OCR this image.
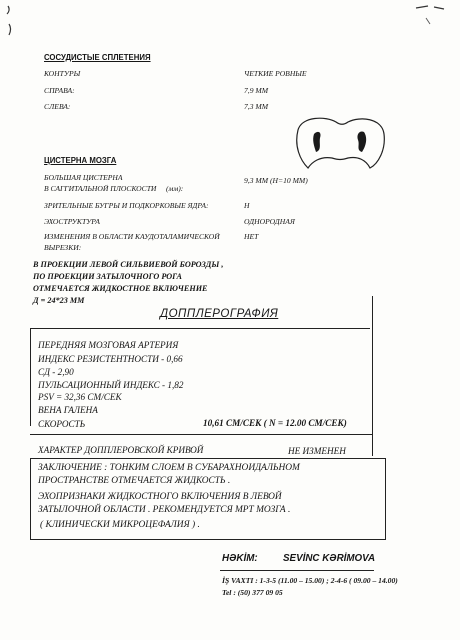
СОСУДИСТЫЕ СПЛЕТЕНИЯ
КОНТУРЫ	ЧЕТКИЕ РОВНЫЕ
СПРАВА:	7,9 ММ
СЛЕВА:	7,3 ММ
ЦИСТЕРНА МОЗГА
БОЛЬШАЯ ЦИСТЕРНА
В САГГИТАЛЬНОЙ ПЛОСКОСТИ (мм):
9,3 ММ (Н=10 ММ)
ЗРИТЕЛЬНЫЕ БУГРЫ И ПОДКОРКОВЫЕ ЯДРА:	Н
ЭХОСТРУКТУРА	ОДНОРОДНАЯ
ИЗМЕНЕНИЯ В ОБЛАСТИ КАУДОТАЛАМИЧЕСКОЙ
ВЫРЕЗКИ:
НЕТ
В ПРОЕКЦИИ ЛЕВОЙ СИЛЬВИЕВОЙ БОРОЗДЫ ,
ПО ПРОЕКЦИИ ЗАТЫЛОЧНОГО РОГА
ОТМЕЧАЕТСЯ ЖИДКОСТНОЕ ВКЛЮЧЕНИЕ
Д = 24*23 ММ
ДОППЛЕРОГРАФИЯ
ПЕРЕДНЯЯ МОЗГОВАЯ АРТЕРИЯ
ИНДЕКС РЕЗИСТЕНТНОСТИ - 0,66
СД - 2,90
ПУЛЬСАЦИОННЫЙ ИНДЕКС - 1,82
PSV = 32,36 СМ/СЕК
ВЕНА ГАЛЕНА
СКОРОСТЬ	10,61 СМ/СЕК ( N = 12.00 СМ/СЕК)
ХАРАКТЕР ДОППЛЕРОВСКОЙ КРИВОЙ	НЕ ИЗМЕНЕН
ЗАКЛЮЧЕНИЕ : ТОНКИМ СЛОЕМ В СУБАРАХНОИДАЛЬНОМ
ПРОСТРАНСТВЕ ОТМЕЧАЕТСЯ ЖИДКОСТЬ .
ЭХОПРИЗНАКИ ЖИДКОСТНОГО ВКЛЮЧЕНИЯ В ЛЕВОЙ
ЗАТЫЛОЧНОЙ ОБЛАСТИ . РЕКОМЕНДУЕТСЯ МРТ МОЗГА .
( КЛИНИЧЕСКИ МИКРОЦЕФАЛИЯ ) .
HƏKİM:	SEVİNC KƏRİMOVA
İŞ VAXTI : 1-3-5 (11.00 – 15.00) ; 2-4-6 ( 09.00 – 14.00)
Tel : (50) 377 09 05
